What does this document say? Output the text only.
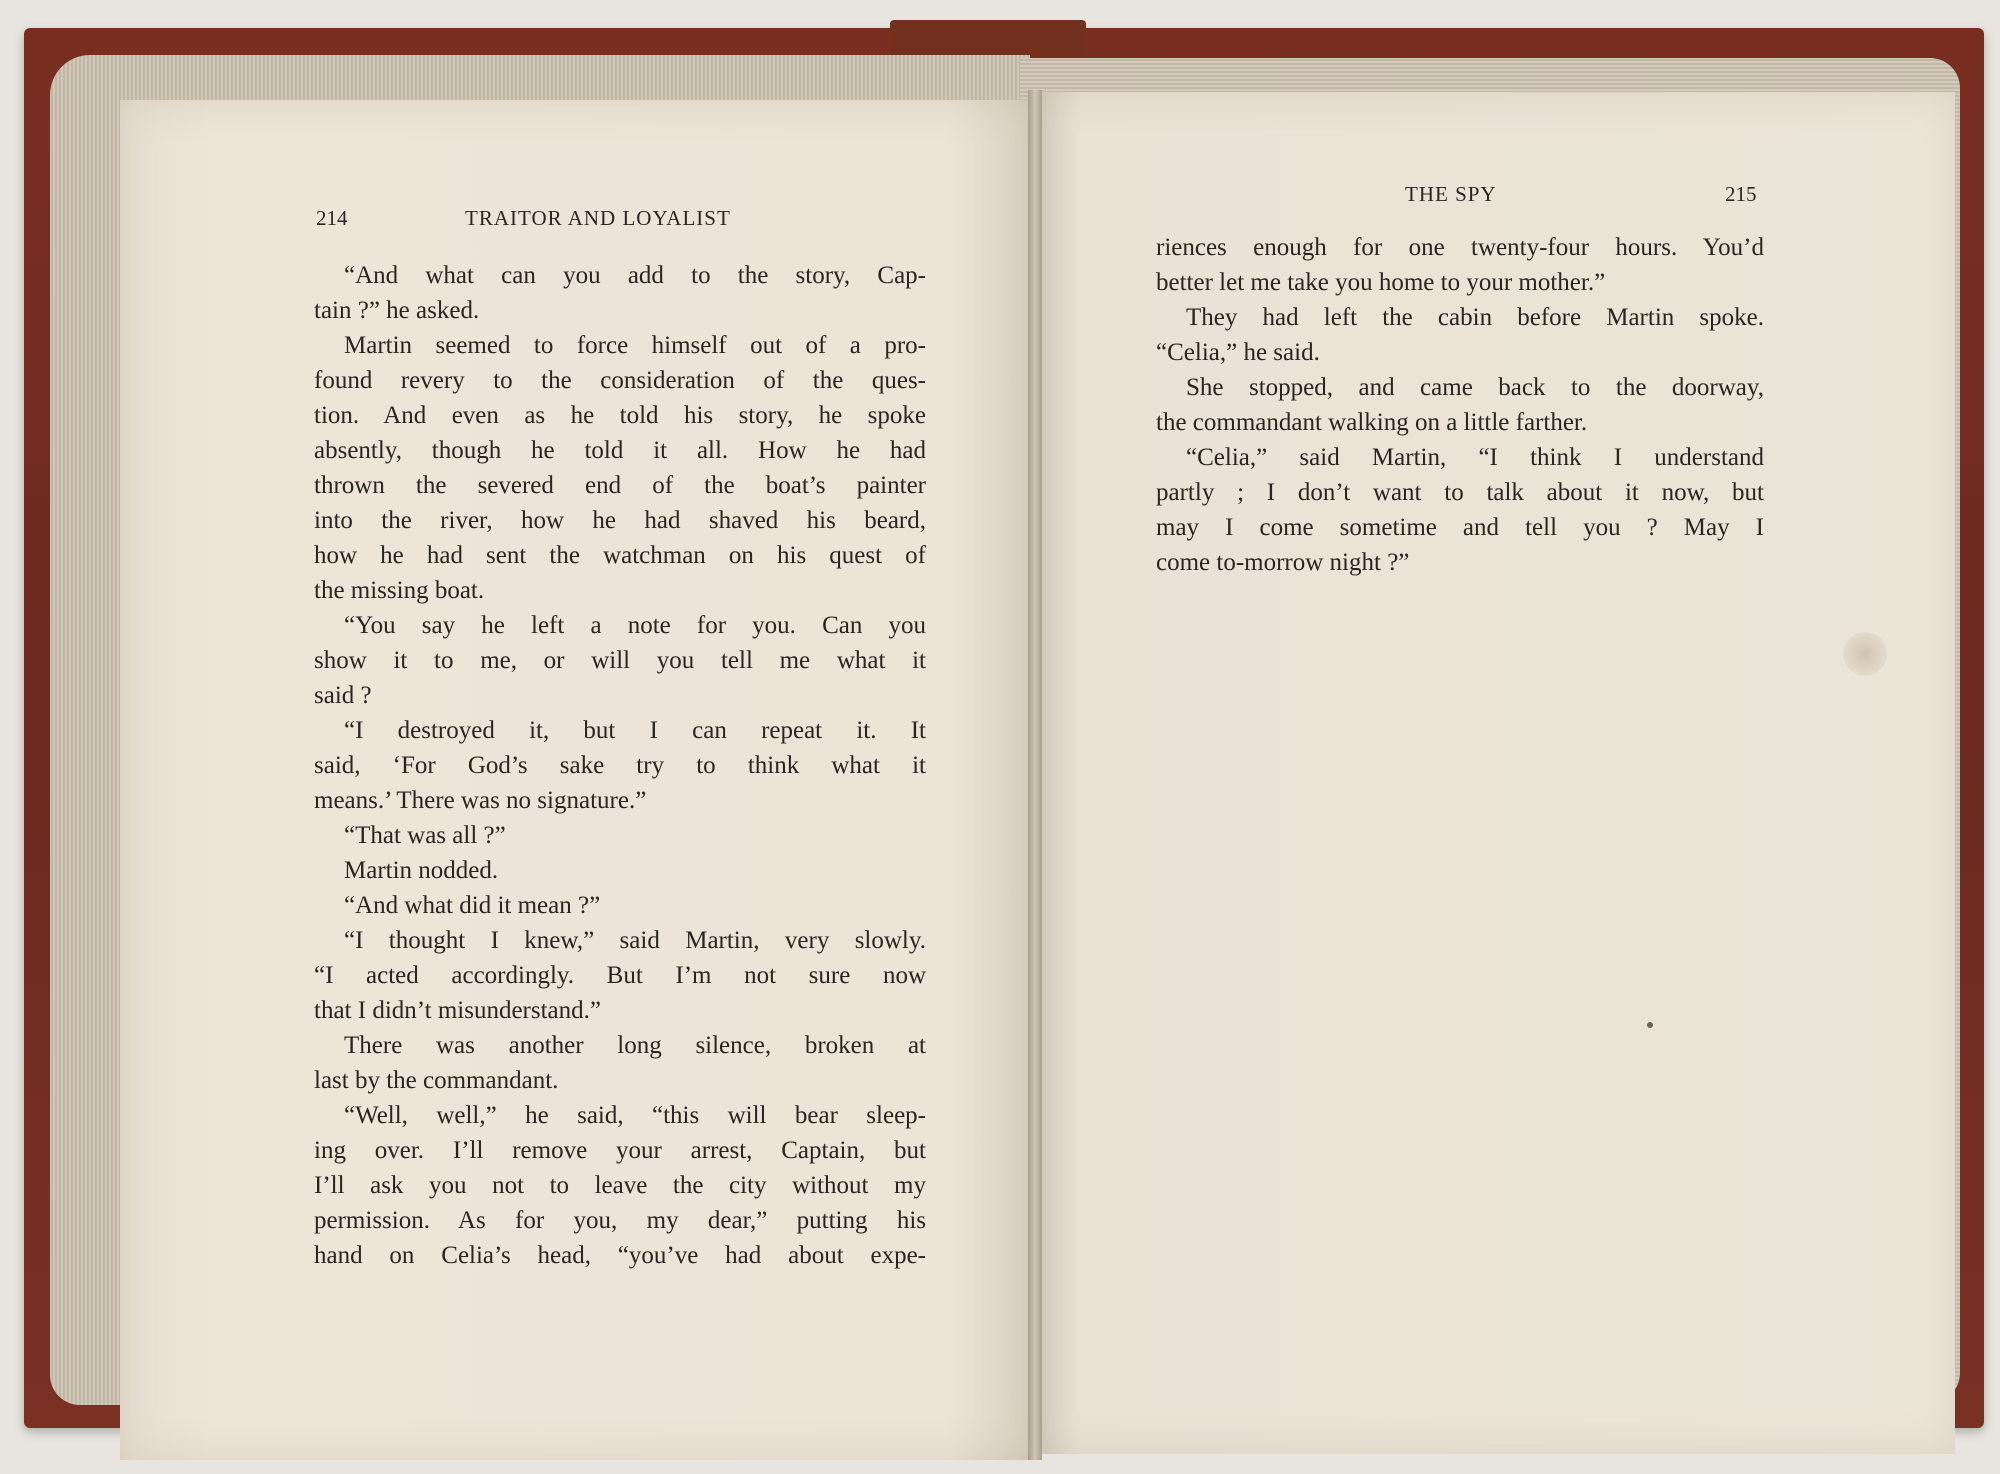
214	TRAITOR AND LOYALIST
“And what can you add to the story, Cap-
tain ?” he asked.
Martin seemed to force himself out of a pro-
found revery to the consideration of the ques-
tion. And even as he told his story, he spoke
absently, though he told it all. How he had
thrown the severed end of the boat’s painter
into the river, how he had shaved his beard,
how he had sent the watchman on his quest of
the missing boat.
“You say he left a note for you. Can you
show it to me, or will you tell me what it
said ?
“I destroyed it, but I can repeat it. It
said, ‘For God’s sake try to think what it
means.’ There was no signature.”
“That was all ?”
Martin nodded.
“And what did it mean ?”
“I thought I knew,” said Martin, very slowly.
“I acted accordingly. But I’m not sure now
that I didn’t misunderstand.”
There was another long silence, broken at
last by the commandant.
“Well, well,” he said, “this will bear sleep-
ing over. I’ll remove your arrest, Captain, but
I’ll ask you not to leave the city without my
permission. As for you, my dear,” putting his
hand on Celia’s head, “you’ve had about expe-
THE SPY	215
riences enough for one twenty-four hours. You’d
better let me take you home to your mother.”
They had left the cabin before Martin spoke.
“Celia,” he said.
She stopped, and came back to the doorway,
the commandant walking on a little farther.
“Celia,” said Martin, “I think I understand
partly ; I don’t want to talk about it now, but
may I come sometime and tell you ? May I
come to-morrow night ?”
